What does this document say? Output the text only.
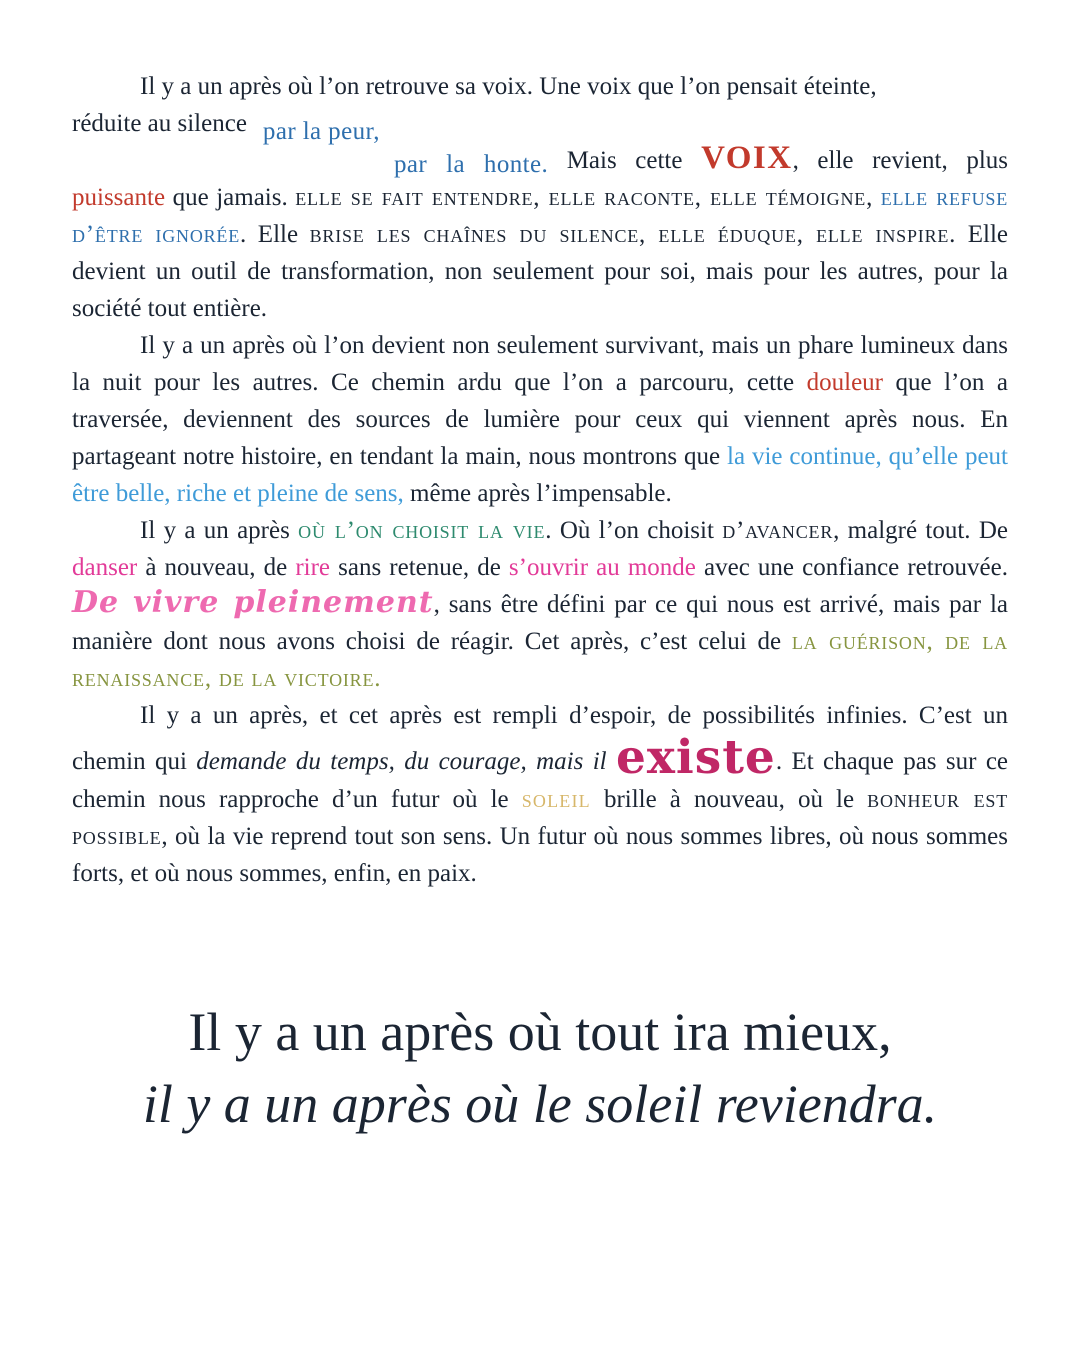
Il y a un après où l’on retrouve sa voix. Une voix que l’on pensait éteinte,

réduite au silence par la peur,

par la honte. Mais cette VOIX, elle revient, plus puissante que jamais. elle se fait entendre, elle raconte, elle témoigne, elle refuse d’être ignorée. Elle brise les chaînes du silence, elle éduque, elle inspire. Elle devient un outil de transformation, non seulement pour soi, mais pour les autres, pour la société tout entière.

Il y a un après où l’on devient non seulement survivant, mais un phare lumineux dans la nuit pour les autres. Ce chemin ardu que l’on a parcouru, cette douleur que l’on a traversée, deviennent des sources de lumière pour ceux qui viennent après nous. En partageant notre histoire, en tendant la main, nous montrons que la vie continue, qu’elle peut être belle, riche et pleine de sens, même après l’impensable.

Il y a un après où l’on choisit la vie. Où l’on choisit d’avancer, malgré tout. De danser à nouveau, de rire sans retenue, de s’ouvrir au monde avec une confiance retrouvée. De vivre pleinement, sans être défini par ce qui nous est arrivé, mais par la manière dont nous avons choisi de réagir. Cet après, c’est celui de la guérison, de la renaissance, de la victoire.

Il y a un après, et cet après est rempli d’espoir, de possibilités infinies. C’est un chemin qui demande du temps, du courage, mais il existe. Et chaque pas sur ce chemin nous rapproche d’un futur où le soleil brille à nouveau, où le bonheur est possible, où la vie reprend tout son sens. Un futur où nous sommes libres, où nous sommes forts, et où nous sommes, enfin, en paix.

Il y a un après où tout ira mieux,
il y a un après où le soleil reviendra.
